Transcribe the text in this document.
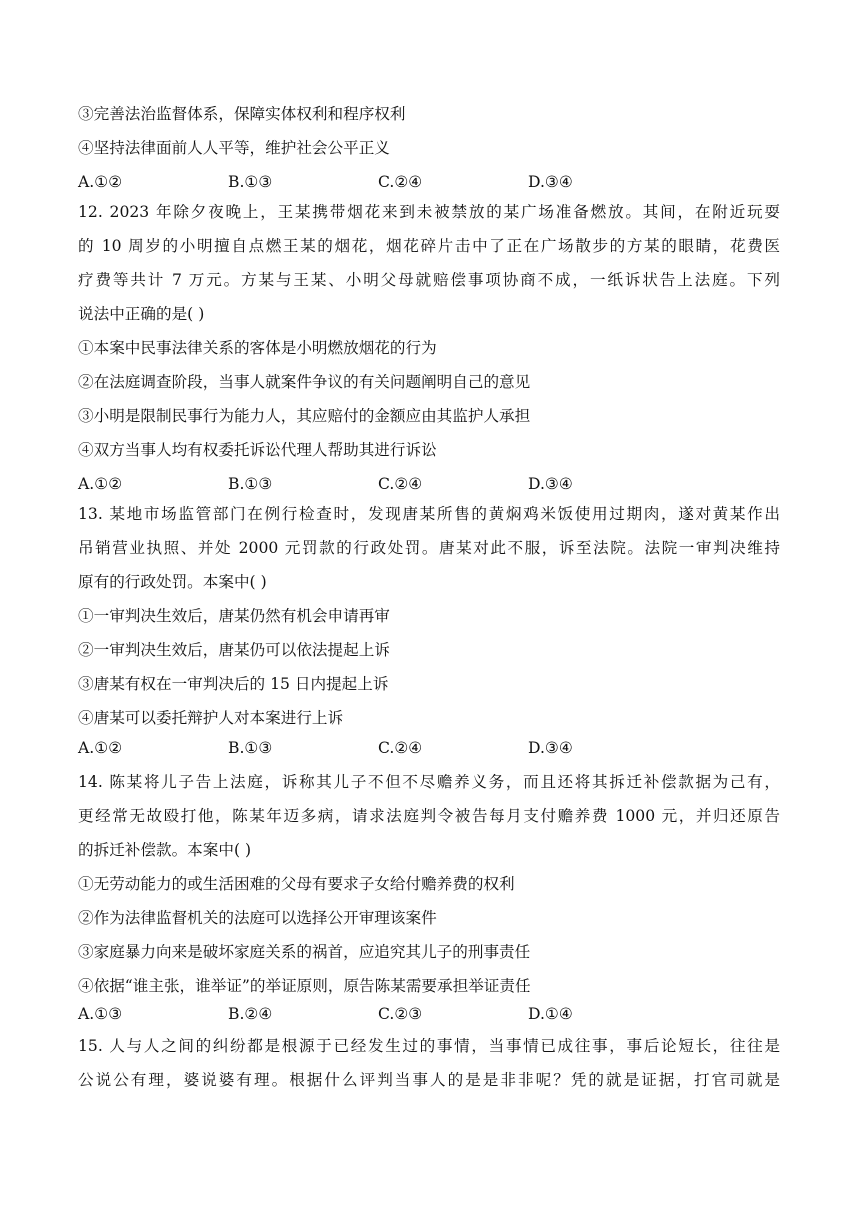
③完善法治监督体系，保障实体权利和程序权利
④坚持法律面前人人平等，维护社会公平正义
A.①②	B.①③	C.②④	D.③④
12. 2023 年除夕夜晚上，王某携带烟花来到未被禁放的某广场准备燃放。其间，在附近玩耍
的 10 周岁的小明擅自点燃王某的烟花，烟花碎片击中了正在广场散步的方某的眼睛，花费医
疗费等共计 7 万元。方某与王某、小明父母就赔偿事项协商不成，一纸诉状告上法庭。下列
说法中正确的是( )
①本案中民事法律关系的客体是小明燃放烟花的行为
②在法庭调查阶段，当事人就案件争议的有关问题阐明自己的意见
③小明是限制民事行为能力人，其应赔付的金额应由其监护人承担
④双方当事人均有权委托诉讼代理人帮助其进行诉讼
A.①②	B.①③	C.②④	D.③④
13. 某地市场监管部门在例行检查时，发现唐某所售的黄焖鸡米饭使用过期肉，遂对黄某作出
吊销营业执照、并处 2000 元罚款的行政处罚。唐某对此不服，诉至法院。法院一审判决维持
原有的行政处罚。本案中( )
①一审判决生效后，唐某仍然有机会申请再审
②一审判决生效后，唐某仍可以依法提起上诉
③唐某有权在一审判决后的 15 日内提起上诉
④唐某可以委托辩护人对本案进行上诉
A.①②	B.①③	C.②④	D.③④
14. 陈某将儿子告上法庭，诉称其儿子不但不尽赡养义务，而且还将其拆迁补偿款据为己有，
更经常无故殴打他，陈某年迈多病，请求法庭判令被告每月支付赡养费 1000 元，并归还原告
的拆迁补偿款。本案中( )
①无劳动能力的或生活困难的父母有要求子女给付赡养费的权利
②作为法律监督机关的法庭可以选择公开审理该案件
③家庭暴力向来是破坏家庭关系的祸首，应追究其儿子的刑事责任
④依据“谁主张，谁举证”的举证原则，原告陈某需要承担举证责任
A.①③	B.②④	C.②③	D.①④
15. 人与人之间的纠纷都是根源于已经发生过的事情，当事情已成往事，事后论短长，往往是
公说公有理，婆说婆有理。根据什么评判当事人的是是非非呢？凭的就是证据，打官司就是
